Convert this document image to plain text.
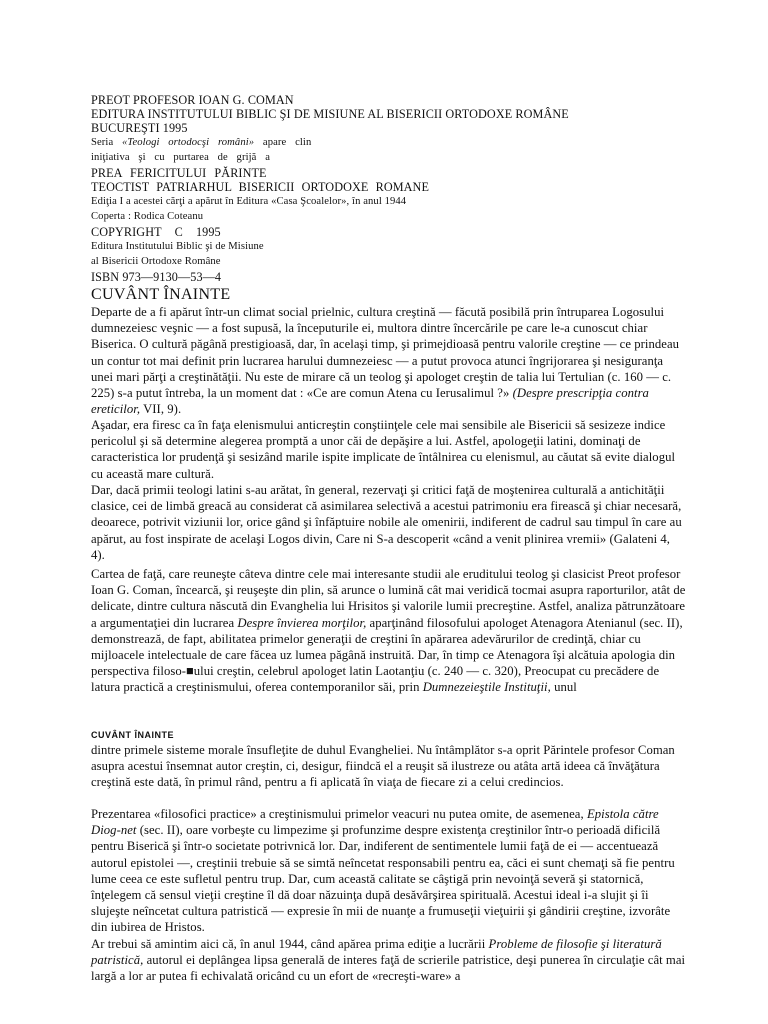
PREOT PROFESOR IOAN G. COMAN
EDITURA INSTITUTULUI BIBLIC ŞI DE MISIUNE AL BISERICII ORTODOXE ROMÂNE
BUCUREŞTI 1995
Seria «Teologi ortodocşi români» apare clin
iniţiativa şi cu purtarea de grijă a
PREA FERICITULUI PĂRINTE
TEOCTIST PATRIARHUL BISERICII ORTODOXE ROMANE
Ediţia I a acestei cărţi a apărut în Editura «Casa Şcoalelor», în anul 1944
Coperta : Rodica Coteanu
COPYRIGHT C 1995
Editura Institutului Biblic şi de Misiune
al Bisericii Ortodoxe Române
ISBN 973—9130—53—4
CUVÂNT ÎNAINTE
Departe de a fi apărut într-un climat social prielnic, cultura creştină — făcută posibilă prin întruparea Logosului dumnezeiesc veşnic — a fost supusă, la începuturile ei, multora dintre încercările pe care le-a cunoscut chiar Biserica. O cultură păgână prestigioasă, dar, în acelaşi timp, şi primejdioasă pentru valorile creştine — ce prindeau un contur tot mai definit prin lucrarea harului dumnezeiesc — a putut provoca atunci îngrijorarea şi nesiguranţa unei mari părţi a creştinătăţii. Nu este de mirare că un teolog şi apologet creştin de talia lui Tertulian (c. 160 — c. 225) s-a putut întreba, la un moment dat : «Ce are comun Atena cu Ierusalimul ?» (Despre prescripţia contra ereticilor, VII, 9).
Aşadar, era firesc ca în faţa elenismului anticreştin conştiinţele cele mai sensibile ale Bisericii să sesizeze indice pericolul şi să determine alegerea promptă a unor căi de depăşire a lui. Astfel, apologeţii latini, dominaţi de caracteristica lor prudenţă şi sesizând marile ispite implicate de întâlnirea cu elenismul, au căutat să evite dialogul cu această mare cultură.
Dar, dacă primii teologi latini s-au arătat, în general, rezervaţi şi critici faţă de moştenirea culturală a antichităţii clasice, cei de limbă greacă au considerat că asimilarea selectivă a acestui patrimoniu era firească şi chiar necesară, deoarece, potrivit viziunii lor, orice gând şi înfăptuire nobile ale omenirii, indiferent de cadrul sau timpul în care au apărut, au fost inspirate de acelaşi Logos divin, Care ni S-a descoperit «când a venit plinirea vremii» (Galateni 4, 4).
Cartea de faţă, care reuneşte câteva dintre cele mai interesante studii ale eruditului teolog şi clasicist Preot profesor Ioan G. Coman, încearcă, şi reuşeşte din plin, să arunce o lumină cât mai veridică tocmai asupra raporturilor, atât de delicate, dintre cultura născută din Evanghelia lui Hrisitos şi valorile lumii precreştine. Astfel, analiza pătrunzătoare a argumentaţiei din lucrarea Despre învierea morţilor, aparţinând filosofului apologet Atenagora Atenianul (sec. II), demonstrează, de fapt, abilitatea primelor generaţii de creştini în apărarea adevărurilor de credinţă, chiar cu mijloacele intelectuale de care făcea uz lumea păgână instruită. Dar, în timp ce Atenagora îşi alcătuia apologia din perspectiva filoso-■ului creştin, celebrul apologet latin Laotanţiu (c. 240 — c. 320), Preocupat cu precădere de latura practică a creştinismului, oferea contemporanilor săi, prin Dumnezeieştile Instituţii, unul
CUVÂNT ÎNAINTE
dintre primele sisteme morale însufleţite de duhul Evangheliei. Nu întâmplător s-a oprit Părintele profesor Coman asupra acestui însemnat autor creştin, ci, desigur, fiindcă el a reuşit să ilustreze ou atâta artă ideea că învăţătura creştină este dată, în primul rând, pentru a fi aplicată în viaţa de fiecare zi a celui credincios.
Prezentarea «filosofici practice» a creştinismului primelor veacuri nu putea omite, de asemenea, Epistola către Diog-net (sec. II), oare vorbeşte cu limpezime şi profunzime despre existenţa creştinilor într-o perioadă dificilă pentru Biserică şi într-o societate potrivnică lor. Dar, indiferent de sentimentele lumii faţă de ei — accentuează autorul epistolei —, creştinii trebuie să se simtă neîncetat responsabili pentru ea, căci ei sunt chemaţi să fie pentru lume ceea ce este sufletul pentru trup. Dar, cum această calitate se câştigă prin nevoinţă severă şi statornică, înţelegem că sensul vieţii creştine îl dă doar năzuinţa după desăvârşirea spirituală. Acestui ideal i-a slujit şi îi slujeşte neîncetat cultura patristică — expresie în mii de nuanţe a frumuseţii vieţuirii şi gândirii creştine, izvorâte din iubirea de Hristos.
Ar trebui să amintim aici că, în anul 1944, când apărea prima ediţie a lucrării Probleme de filosofie şi literatură patristică, autorul ei deplângea lipsa generală de interes faţă de scrierile patristice, deşi punerea în circulaţie cât mai largă a lor ar putea fi echivalată oricând cu un efort de «recreşti-ware» a
